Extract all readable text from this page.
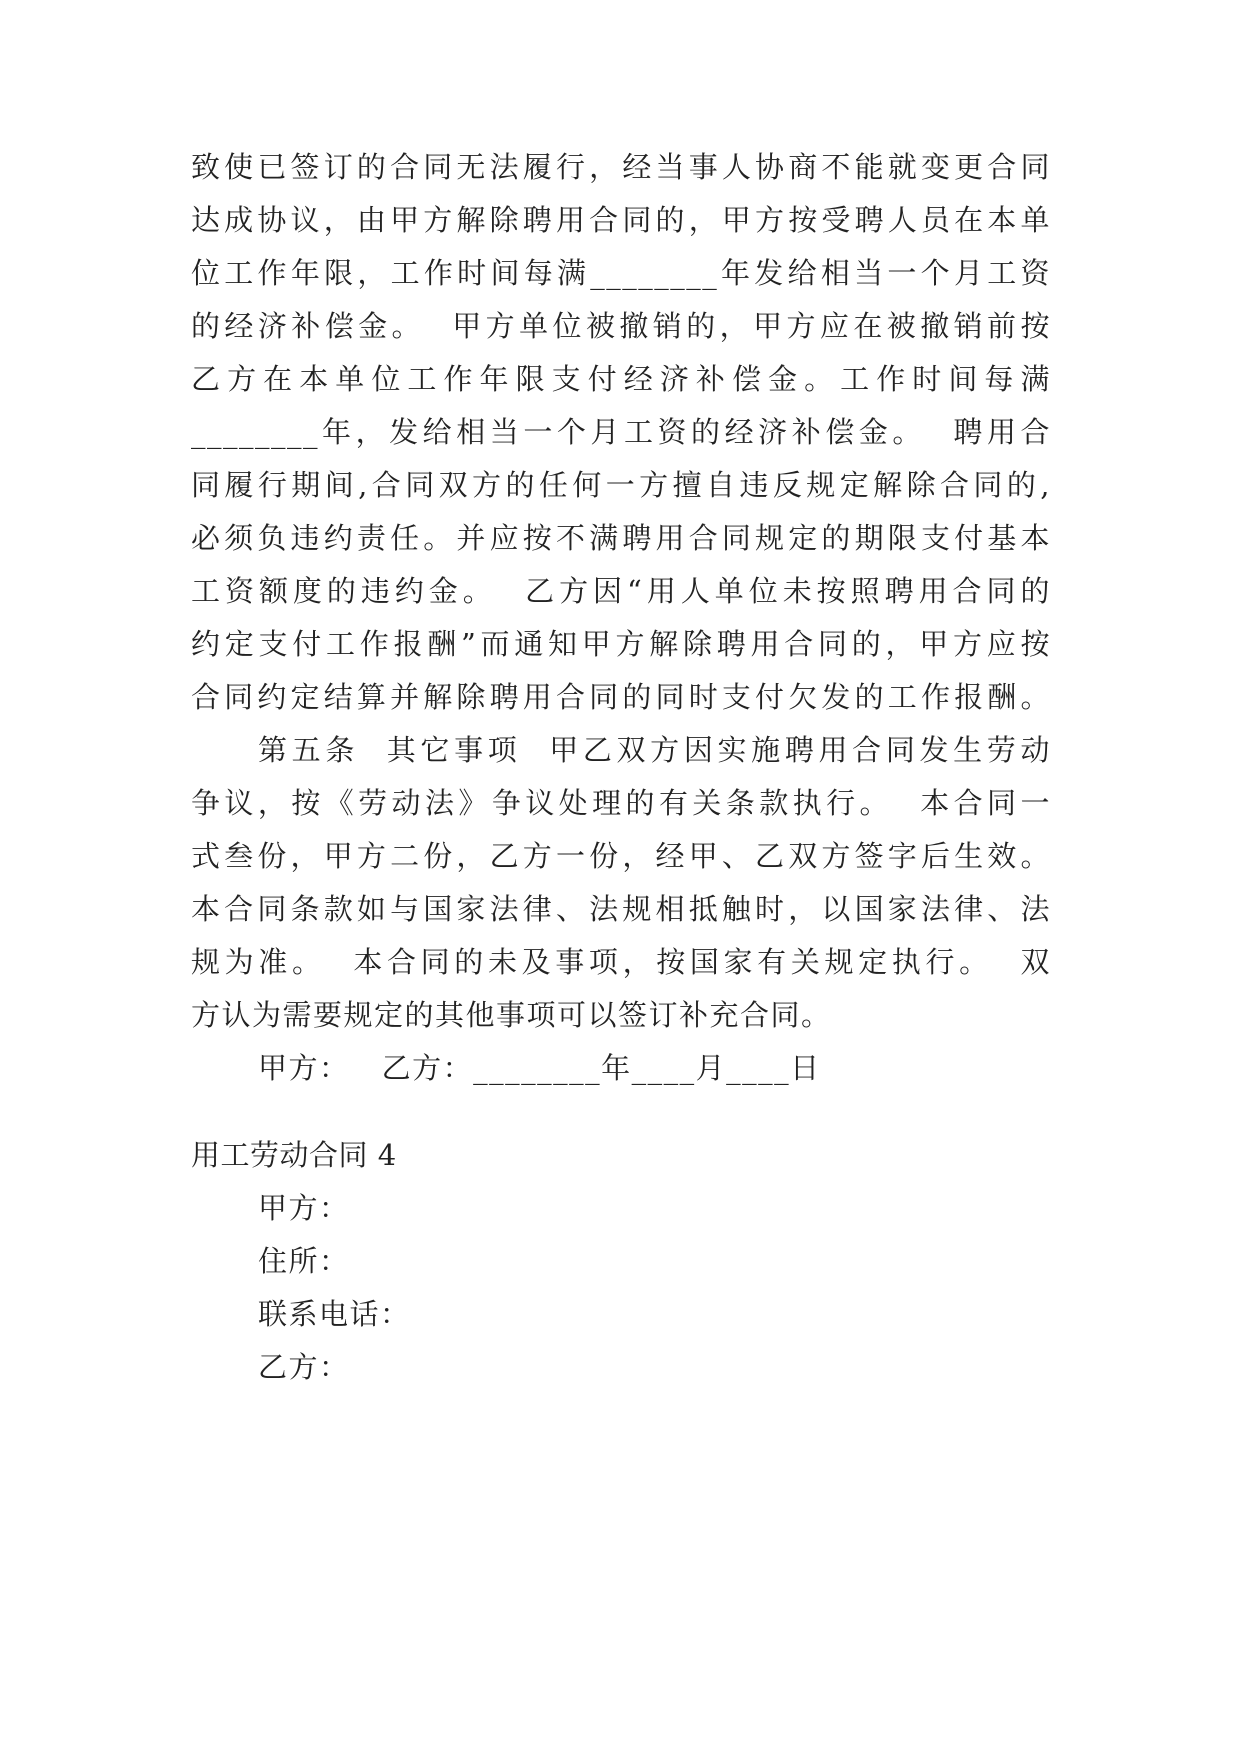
致使已签订的合同无法履行，经当事人协商不能就变更合同
达成协议，由甲方解除聘用合同的，甲方按受聘人员在本单
位工作年限，工作时间每满________年发给相当一个月工资
的经济补偿金。  甲方单位被撤销的，甲方应在被撤销前按
乙方在本单位工作年限支付经济补偿金。工作时间每满
________年，发给相当一个月工资的经济补偿金。  聘用合
同履行期间,合同双方的任何一方擅自违反规定解除合同的,
必须负违约责任。并应按不满聘用合同规定的期限支付基本
工资额度的违约金。  乙方因“用人单位未按照聘用合同的
约定支付工作报酬”而通知甲方解除聘用合同的，甲方应按
合同约定结算并解除聘用合同的同时支付欠发的工作报酬。
第五条  其它事项  甲乙双方因实施聘用合同发生劳动
争议，按《劳动法》争议处理的有关条款执行。  本合同一
式叁份，甲方二份，乙方一份，经甲、乙双方签字后生效。
本合同条款如与国家法律、法规相抵触时，以国家法律、法
规为准。  本合同的未及事项，按国家有关规定执行。  双
方认为需要规定的其他事项可以签订补充合同。
甲方：   乙方：________年____月____日
用工劳动合同 4
甲方：
住所：
联系电话：
乙方：
